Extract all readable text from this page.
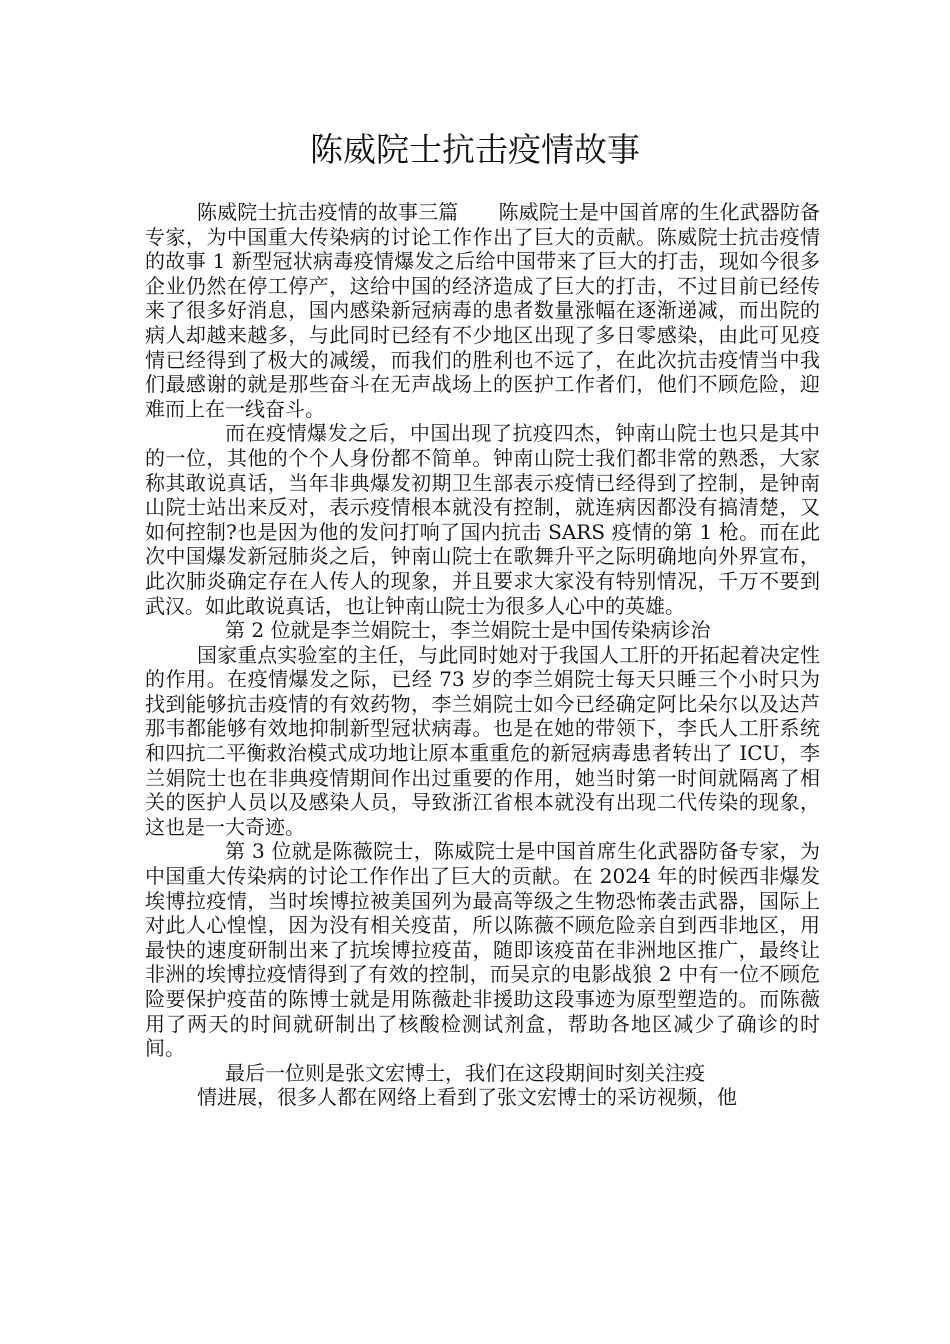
陈威院士抗击疫情故事

陈威院士抗击疫情的故事三篇　　陈威院士是中国首席的生化武器防备专家，为中国重大传染病的讨论工作作出了巨大的贡献。陈威院士抗击疫情的故事 1 新型冠状病毒疫情爆发之后给中国带来了巨大的打击，现如今很多企业仍然在停工停产，这给中国的经济造成了巨大的打击，不过目前已经传来了很多好消息，国内感染新冠病毒的患者数量涨幅在逐渐递减，而出院的病人却越来越多，与此同时已经有不少地区出现了多日零感染，由此可见疫情已经得到了极大的减缓，而我们的胜利也不远了，在此次抗击疫情当中我们最感谢的就是那些奋斗在无声战场上的医护工作者们，他们不顾危险，迎难而上在一线奋斗。

而在疫情爆发之后，中国出现了抗疫四杰，钟南山院士也只是其中的一位，其他的个个人身份都不简单。钟南山院士我们都非常的熟悉，大家称其敢说真话，当年非典爆发初期卫生部表示疫情已经得到了控制，是钟南山院士站出来反对，表示疫情根本就没有控制，就连病因都没有搞清楚，又如何控制?也是因为他的发问打响了国内抗击 SARS 疫情的第 1 枪。而在此次中国爆发新冠肺炎之后，钟南山院士在歌舞升平之际明确地向外界宣布，此次肺炎确定存在人传人的现象，并且要求大家没有特别情况，千万不要到武汉。如此敢说真话，也让钟南山院士为很多人心中的英雄。

第 2 位就是李兰娟院士，李兰娟院士是中国传染病诊治

国家重点实验室的主任，与此同时她对于我国人工肝的开拓起着决定性的作用。在疫情爆发之际，已经 73 岁的李兰娟院士每天只睡三个小时只为找到能够抗击疫情的有效药物，李兰娟院士如今已经确定阿比朵尔以及达芦那韦都能够有效地抑制新型冠状病毒。也是在她的带领下，李氏人工肝系统和四抗二平衡救治模式成功地让原本重重危的新冠病毒患者转出了 ICU，李兰娟院士也在非典疫情期间作出过重要的作用，她当时第一时间就隔离了相关的医护人员以及感染人员，导致浙江省根本就没有出现二代传染的现象，这也是一大奇迹。

第 3 位就是陈薇院士，陈威院士是中国首席生化武器防备专家，为中国重大传染病的讨论工作作出了巨大的贡献。在 2024 年的时候西非爆发埃博拉疫情，当时埃博拉被美国列为最高等级之生物恐怖袭击武器，国际上对此人心惶惶，因为没有相关疫苗，所以陈薇不顾危险亲自到西非地区，用最快的速度研制出来了抗埃博拉疫苗，随即该疫苗在非洲地区推广，最终让非洲的埃博拉疫情得到了有效的控制，而吴京的电影战狼 2 中有一位不顾危险要保护疫苗的陈博士就是用陈薇赴非援助这段事迹为原型塑造的。而陈薇用了两天的时间就研制出了核酸检测试剂盒，帮助各地区减少了确诊的时间。

最后一位则是张文宏博士，我们在这段期间时刻关注疫

情进展，很多人都在网络上看到了张文宏博士的采访视频，他
